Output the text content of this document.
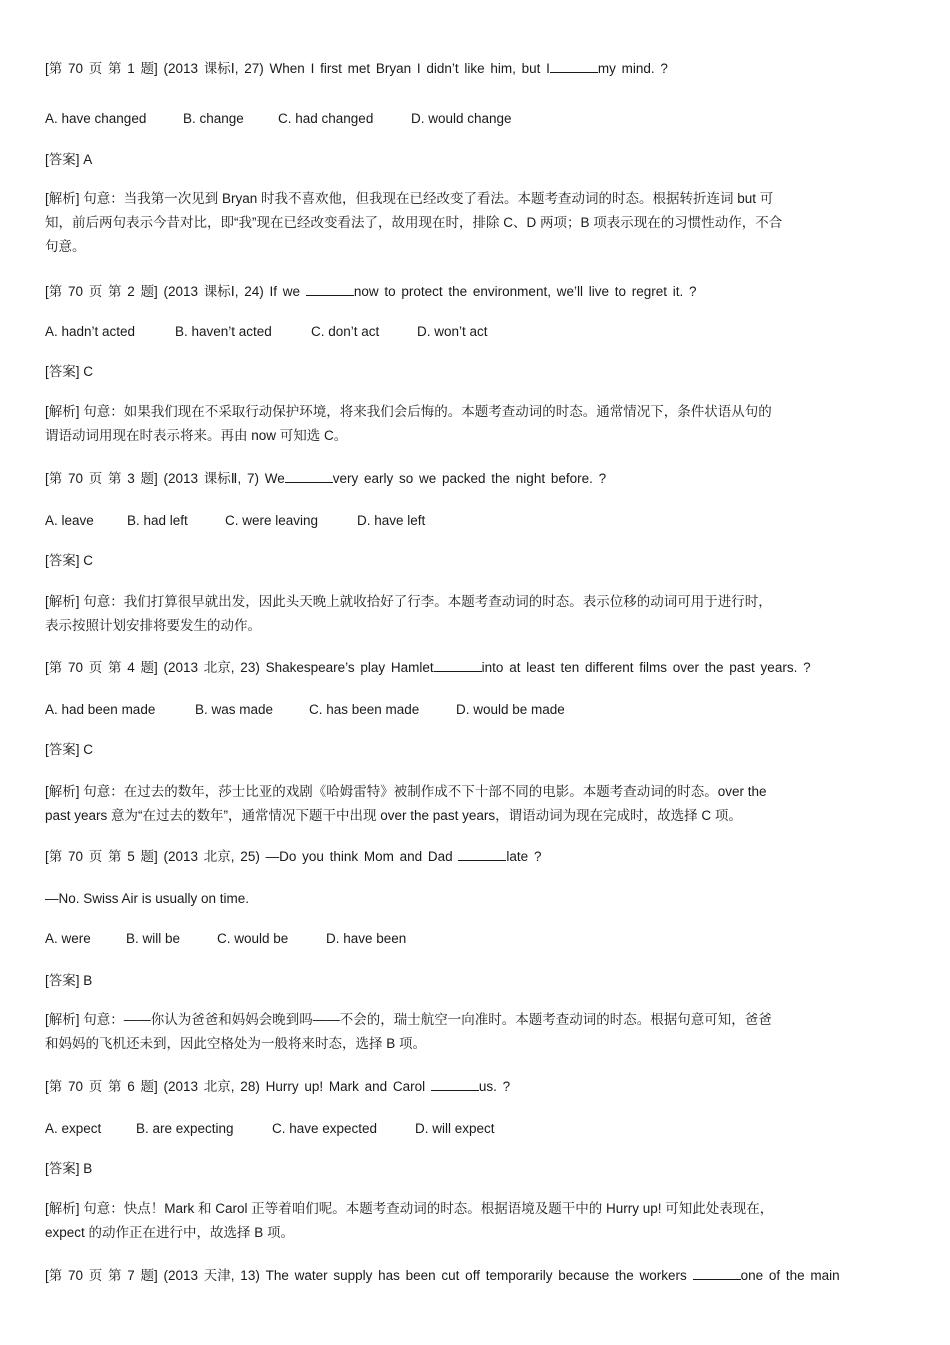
[第 70 页 第 1 题] (2013 课标Ⅰ, 27) When I first met Bryan I didn’t like him, but I	my mind. ?
A. have changed	B. change	C. had changed	D. would change
[答案] A
[解析] 句意：当我第一次见到 Bryan 时我不喜欢他，但我现在已经改变了看法。本题考查动词的时态。根据转折连词 but 可
知，前后两句表示今昔对比，即“我”现在已经改变看法了，故用现在时，排除 C、D 两项；B 项表示现在的习惯性动作，不合
句意。
[第 70 页 第 2 题] (2013 课标Ⅰ, 24) If we	now to protect the environment, we’ll live to regret it. ?
A. hadn’t acted	B. haven’t acted	C. don’t act	D. won’t act
[答案] C
[解析] 句意：如果我们现在不采取行动保护环境，将来我们会后悔的。本题考查动词的时态。通常情况下，条件状语从句的
谓语动词用现在时表示将来。再由 now 可知选 C。
[第 70 页 第 3 题] (2013 课标Ⅱ, 7) We	very early so we packed the night before. ?
A. leave B. had left	C. were leaving	D. have left
[答案] C
[解析] 句意：我们打算很早就出发，因此头天晚上就收拾好了行李。本题考查动词的时态。表示位移的动词可用于进行时，
表示按照计划安排将要发生的动作。
[第 70 页 第 4 题] (2013 北京, 23) Shakespeare’s play Hamlet	into at least ten different films over the past years. ?
A. had been made	B. was made	C. has been made	D. would be made
[答案] C
[解析] 句意：在过去的数年，莎士比亚的戏剧《哈姆雷特》被制作成不下十部不同的电影。本题考查动词的时态。over the
past years 意为“在过去的数年”，通常情况下题干中出现 over the past years，谓语动词为现在完成时，故选择 C 项。
[第 70 页 第 5 题] (2013 北京, 25) —Do you think Mom and Dad	late ?
—No. Swiss Air is usually on time.
A. were	B. will be	C. would be	D. have been
[答案] B
[解析] 句意：——你认为爸爸和妈妈会晚到吗——不会的，瑞士航空一向准时。本题考查动词的时态。根据句意可知，爸爸
和妈妈的飞机还未到，因此空格处为一般将来时态，选择 B 项。
[第 70 页 第 6 题] (2013 北京, 28) Hurry up! Mark and Carol	us. ?
A. expect	B. are expecting	C. have expected	D. will expect
[答案] B
[解析] 句意：快点！Mark 和 Carol 正等着咱们呢。本题考查动词的时态。根据语境及题干中的 Hurry up! 可知此处表现在，
expect 的动作正在进行中，故选择 B 项。
[第 70 页 第 7 题] (2013 天津, 13) The water supply has been cut off temporarily because the workers	one of the main
